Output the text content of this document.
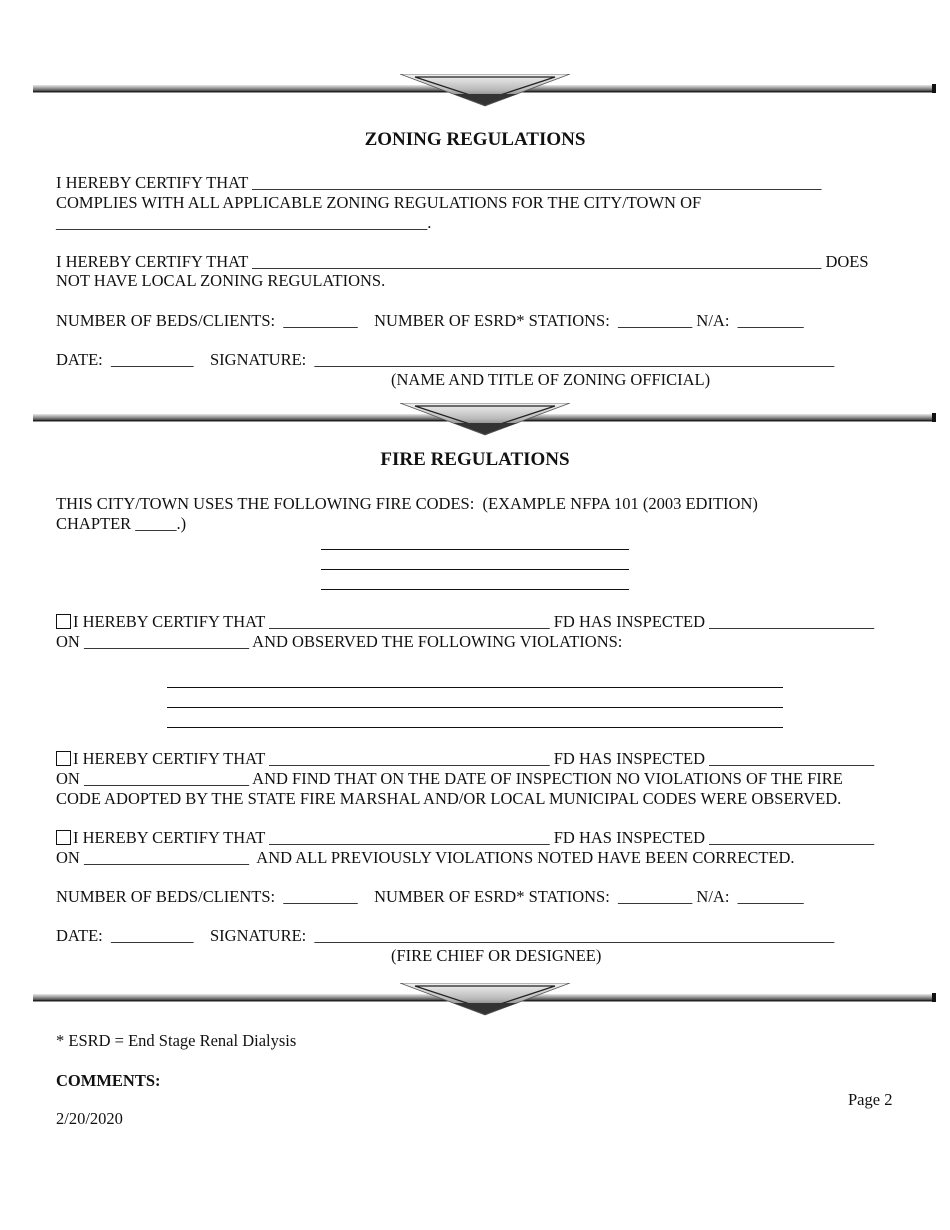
ZONING REGULATIONS
I HEREBY CERTIFY THAT _____________________________________________________________________
COMPLIES WITH ALL APPLICABLE ZONING REGULATIONS FOR THE CITY/TOWN OF
_____________________________________________.
I HEREBY CERTIFY THAT _____________________________________________________________________ DOES
NOT HAVE LOCAL ZONING REGULATIONS.
NUMBER OF BEDS/CLIENTS:  _________    NUMBER OF ESRD* STATIONS:  _________ N/A:  ________
DATE:  __________    SIGNATURE:  _______________________________________________________________
(NAME AND TITLE OF ZONING OFFICIAL)
FIRE REGULATIONS
THIS CITY/TOWN USES THE FOLLOWING FIRE CODES:  (EXAMPLE NFPA 101 (2003 EDITION)
CHAPTER _____.)
I HEREBY CERTIFY THAT __________________________________ FD HAS INSPECTED ____________________
ON ____________________ AND OBSERVED THE FOLLOWING VIOLATIONS:
I HEREBY CERTIFY THAT __________________________________ FD HAS INSPECTED ____________________
ON ____________________ AND FIND THAT ON THE DATE OF INSPECTION NO VIOLATIONS OF THE FIRE
CODE ADOPTED BY THE STATE FIRE MARSHAL AND/OR LOCAL MUNICIPAL CODES WERE OBSERVED.
I HEREBY CERTIFY THAT __________________________________ FD HAS INSPECTED ____________________
ON ____________________  AND ALL PREVIOUSLY VIOLATIONS NOTED HAVE BEEN CORRECTED.
NUMBER OF BEDS/CLIENTS:  _________    NUMBER OF ESRD* STATIONS:  _________ N/A:  ________
DATE:  __________    SIGNATURE:  _______________________________________________________________
(FIRE CHIEF OR DESIGNEE)
* ESRD = End Stage Renal Dialysis
COMMENTS:
Page 2
2/20/2020
